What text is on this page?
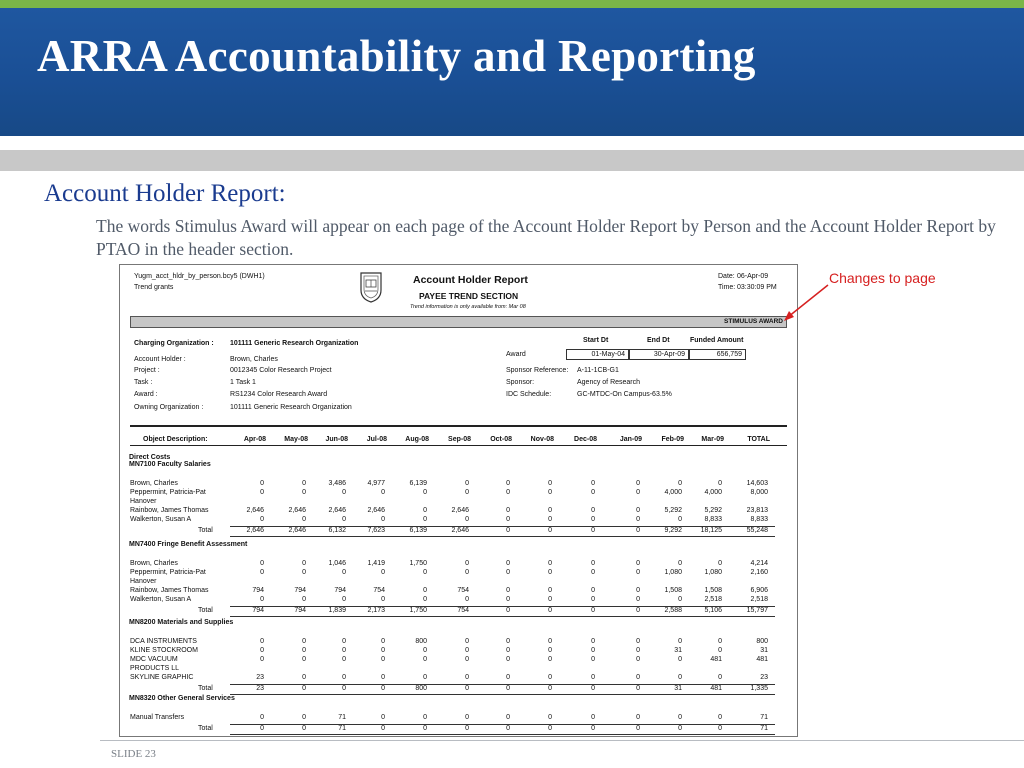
ARRA Accountability and Reporting
Account Holder Report:
The words Stimulus Award will appear on each page of the Account Holder Report by Person and the Account Holder Report by PTAO in the header section.
Yugm_acct_hldr_by_person.bcy5 (DWH1)
Trend grants
Account Holder Report
PAYEE TREND SECTION
Trend information is only available from: Mar 08
Date: 06-Apr-09
Time: 03:30:09 PM
STIMULUS AWARD
Charging Organization : 101111 Generic Research Organization
Account Holder :	Brown, Charles
Project :	0012345 Color Research Project
Task :	1 Task 1
Award :	RS1234 Color Research Award
Owning Organization :	101111 Generic Research Organization
Start Dt	End Dt	Funded Amount
Award	01-May-04	30-Apr-09	656,759
Sponsor Reference: A-11-1CB-G1
Sponsor:	Agency of Research
IDC Schedule:	GC-MTDC-On Campus-63.5%
Object Description:	Apr-08	May-08	Jun-08	Jul-08	Aug-08	Sep-08	Oct-08	Nov-08	Dec-08	Jan-09	Feb-09	Mar-09	TOTAL
Direct Costs
MN7100 Faculty Salaries
Brown, Charles	0	0	3,486	4,977	6,139	0	0	0	0	0	0	0	14,603
Peppermint, Patricia-Pat	0	0	0	0	0	0	0	0	0	0	4,000	4,000	8,000
Hanover
Rainbow, James Thomas	2,646	2,646	2,646	2,646	0	2,646	0	0	0	0	5,292	5,292	23,813
Walkerton, Susan A	0	0	0	0	0	0	0	0	0	0	0	8,833	8,833
Total	2,646	2,646	6,132	7,623	6,139	2,646	0	0	0	0	9,292	18,125	55,248
MN7400 Fringe Benefit Assessment
Brown, Charles	0	0	1,046	1,419	1,750	0	0	0	0	0	0	0	4,214
Peppermint, Patricia-Pat	0	0	0	0	0	0	0	0	0	0	1,080	1,080	2,160
Hanover
Rainbow, James Thomas	794	794	794	754	0	754	0	0	0	0	1,508	1,508	6,906
Walkerton, Susan A	0	0	0	0	0	0	0	0	0	0	0	2,518	2,518
Total	794	794	1,839	2,173	1,750	754	0	0	0	0	2,588	5,106	15,797
MN8200 Materials and Supplies
DCA INSTRUMENTS	0	0	0	0	800	0	0	0	0	0	0	0	800
KLINE STOCKROOM	0	0	0	0	0	0	0	0	0	0	31	0	31
MDC VACUUM	0	0	0	0	0	0	0	0	0	0	0	481	481
PRODUCTS LL
SKYLINE GRAPHIC	23	0	0	0	0	0	0	0	0	0	0	0	23
Total	23	0	0	0	800	0	0	0	0	0	31	481	1,335
MN8320 Other General Services
Manual Transfers	0	0	71	0	0	0	0	0	0	0	0	0	71
Total	0	0	71	0	0	0	0	0	0	0	0	0	71
Changes to page
SLIDE 23
